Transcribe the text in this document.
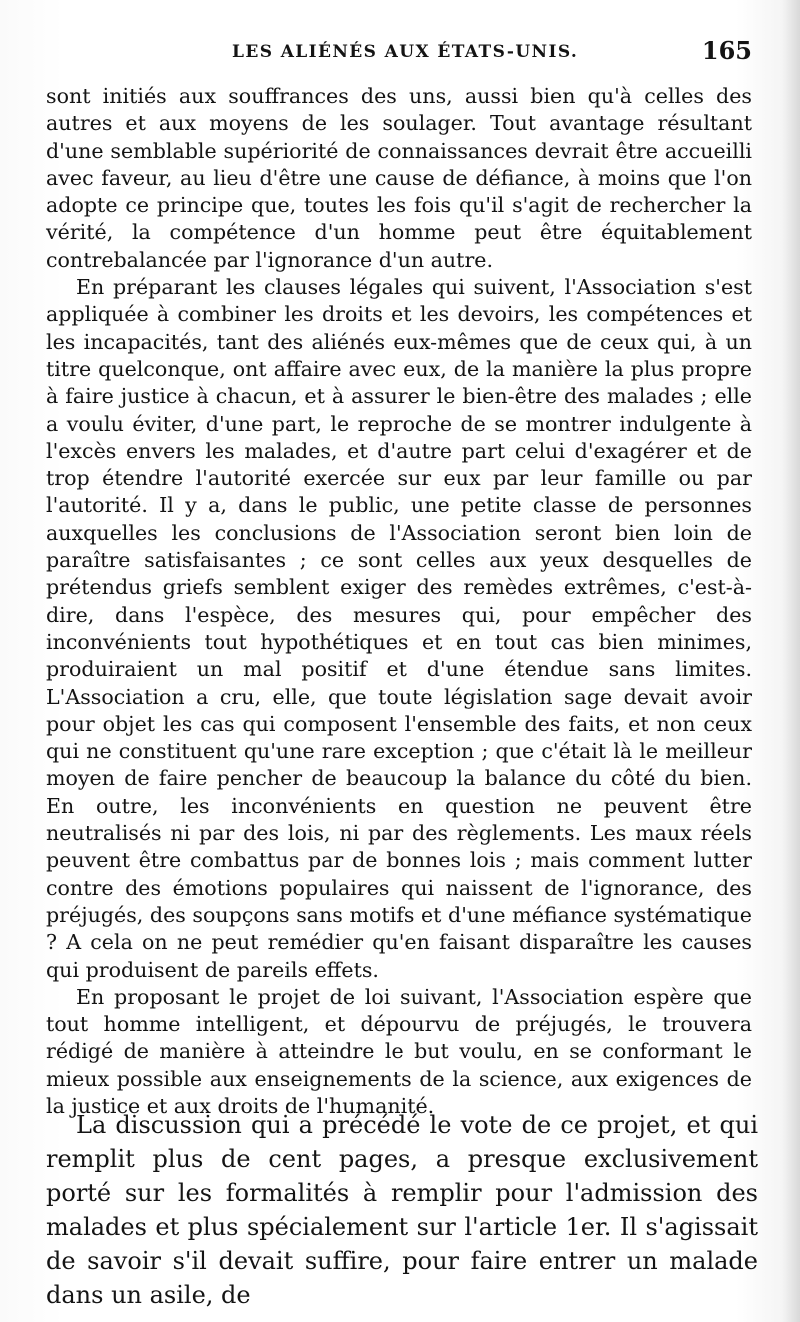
LES ALIÉNÉS AUX ÉTATS-UNIS.	165

sont initiés aux souffrances des uns, aussi bien qu'à celles des autres et aux moyens de les soulager. Tout avantage résultant d'une semblable supériorité de connaissances devrait être accueilli avec faveur, au lieu d'être une cause de défiance, à moins que l'on adopte ce principe que, toutes les fois qu'il s'agit de rechercher la vérité, la compétence d'un homme peut être équitablement contrebalancée par l'ignorance d'un autre.

En préparant les clauses légales qui suivent, l'Association s'est appliquée à combiner les droits et les devoirs, les compétences et les incapacités, tant des aliénés eux-mêmes que de ceux qui, à un titre quelconque, ont affaire avec eux, de la manière la plus propre à faire justice à chacun, et à assurer le bien-être des malades ; elle a voulu éviter, d'une part, le reproche de se montrer indulgente à l'excès envers les malades, et d'autre part celui d'exagérer et de trop étendre l'autorité exercée sur eux par leur famille ou par l'autorité. Il y a, dans le public, une petite classe de personnes auxquelles les conclusions de l'Association seront bien loin de paraître satisfaisantes ; ce sont celles aux yeux desquelles de prétendus griefs semblent exiger des remèdes extrêmes, c'est-à-dire, dans l'espèce, des mesures qui, pour empêcher des inconvénients tout hypothétiques et en tout cas bien minimes, produiraient un mal positif et d'une étendue sans limites. L'Association a cru, elle, que toute législation sage devait avoir pour objet les cas qui composent l'ensemble des faits, et non ceux qui ne constituent qu'une rare exception ; que c'était là le meilleur moyen de faire pencher de beaucoup la balance du côté du bien. En outre, les inconvénients en question ne peuvent être neutralisés ni par des lois, ni par des règlements. Les maux réels peuvent être combattus par de bonnes lois ; mais comment lutter contre des émotions populaires qui naissent de l'ignorance, des préjugés, des soupçons sans motifs et d'une méfiance systématique ? A cela on ne peut remédier qu'en faisant disparaître les causes qui produisent de pareils effets.

En proposant le projet de loi suivant, l'Association espère que tout homme intelligent, et dépourvu de préjugés, le trouvera rédigé de manière à atteindre le but voulu, en se conformant le mieux possible aux enseignements de la science, aux exigences de la justice et aux droits de l'humanité.

La discussion qui a précédé le vote de ce projet, et qui remplit plus de cent pages, a presque exclusivement porté sur les formalités à remplir pour l'admission des malades et plus spécialement sur l'article 1er. Il s'agissait de savoir s'il devait suffire, pour faire entrer un malade dans un asile, de
